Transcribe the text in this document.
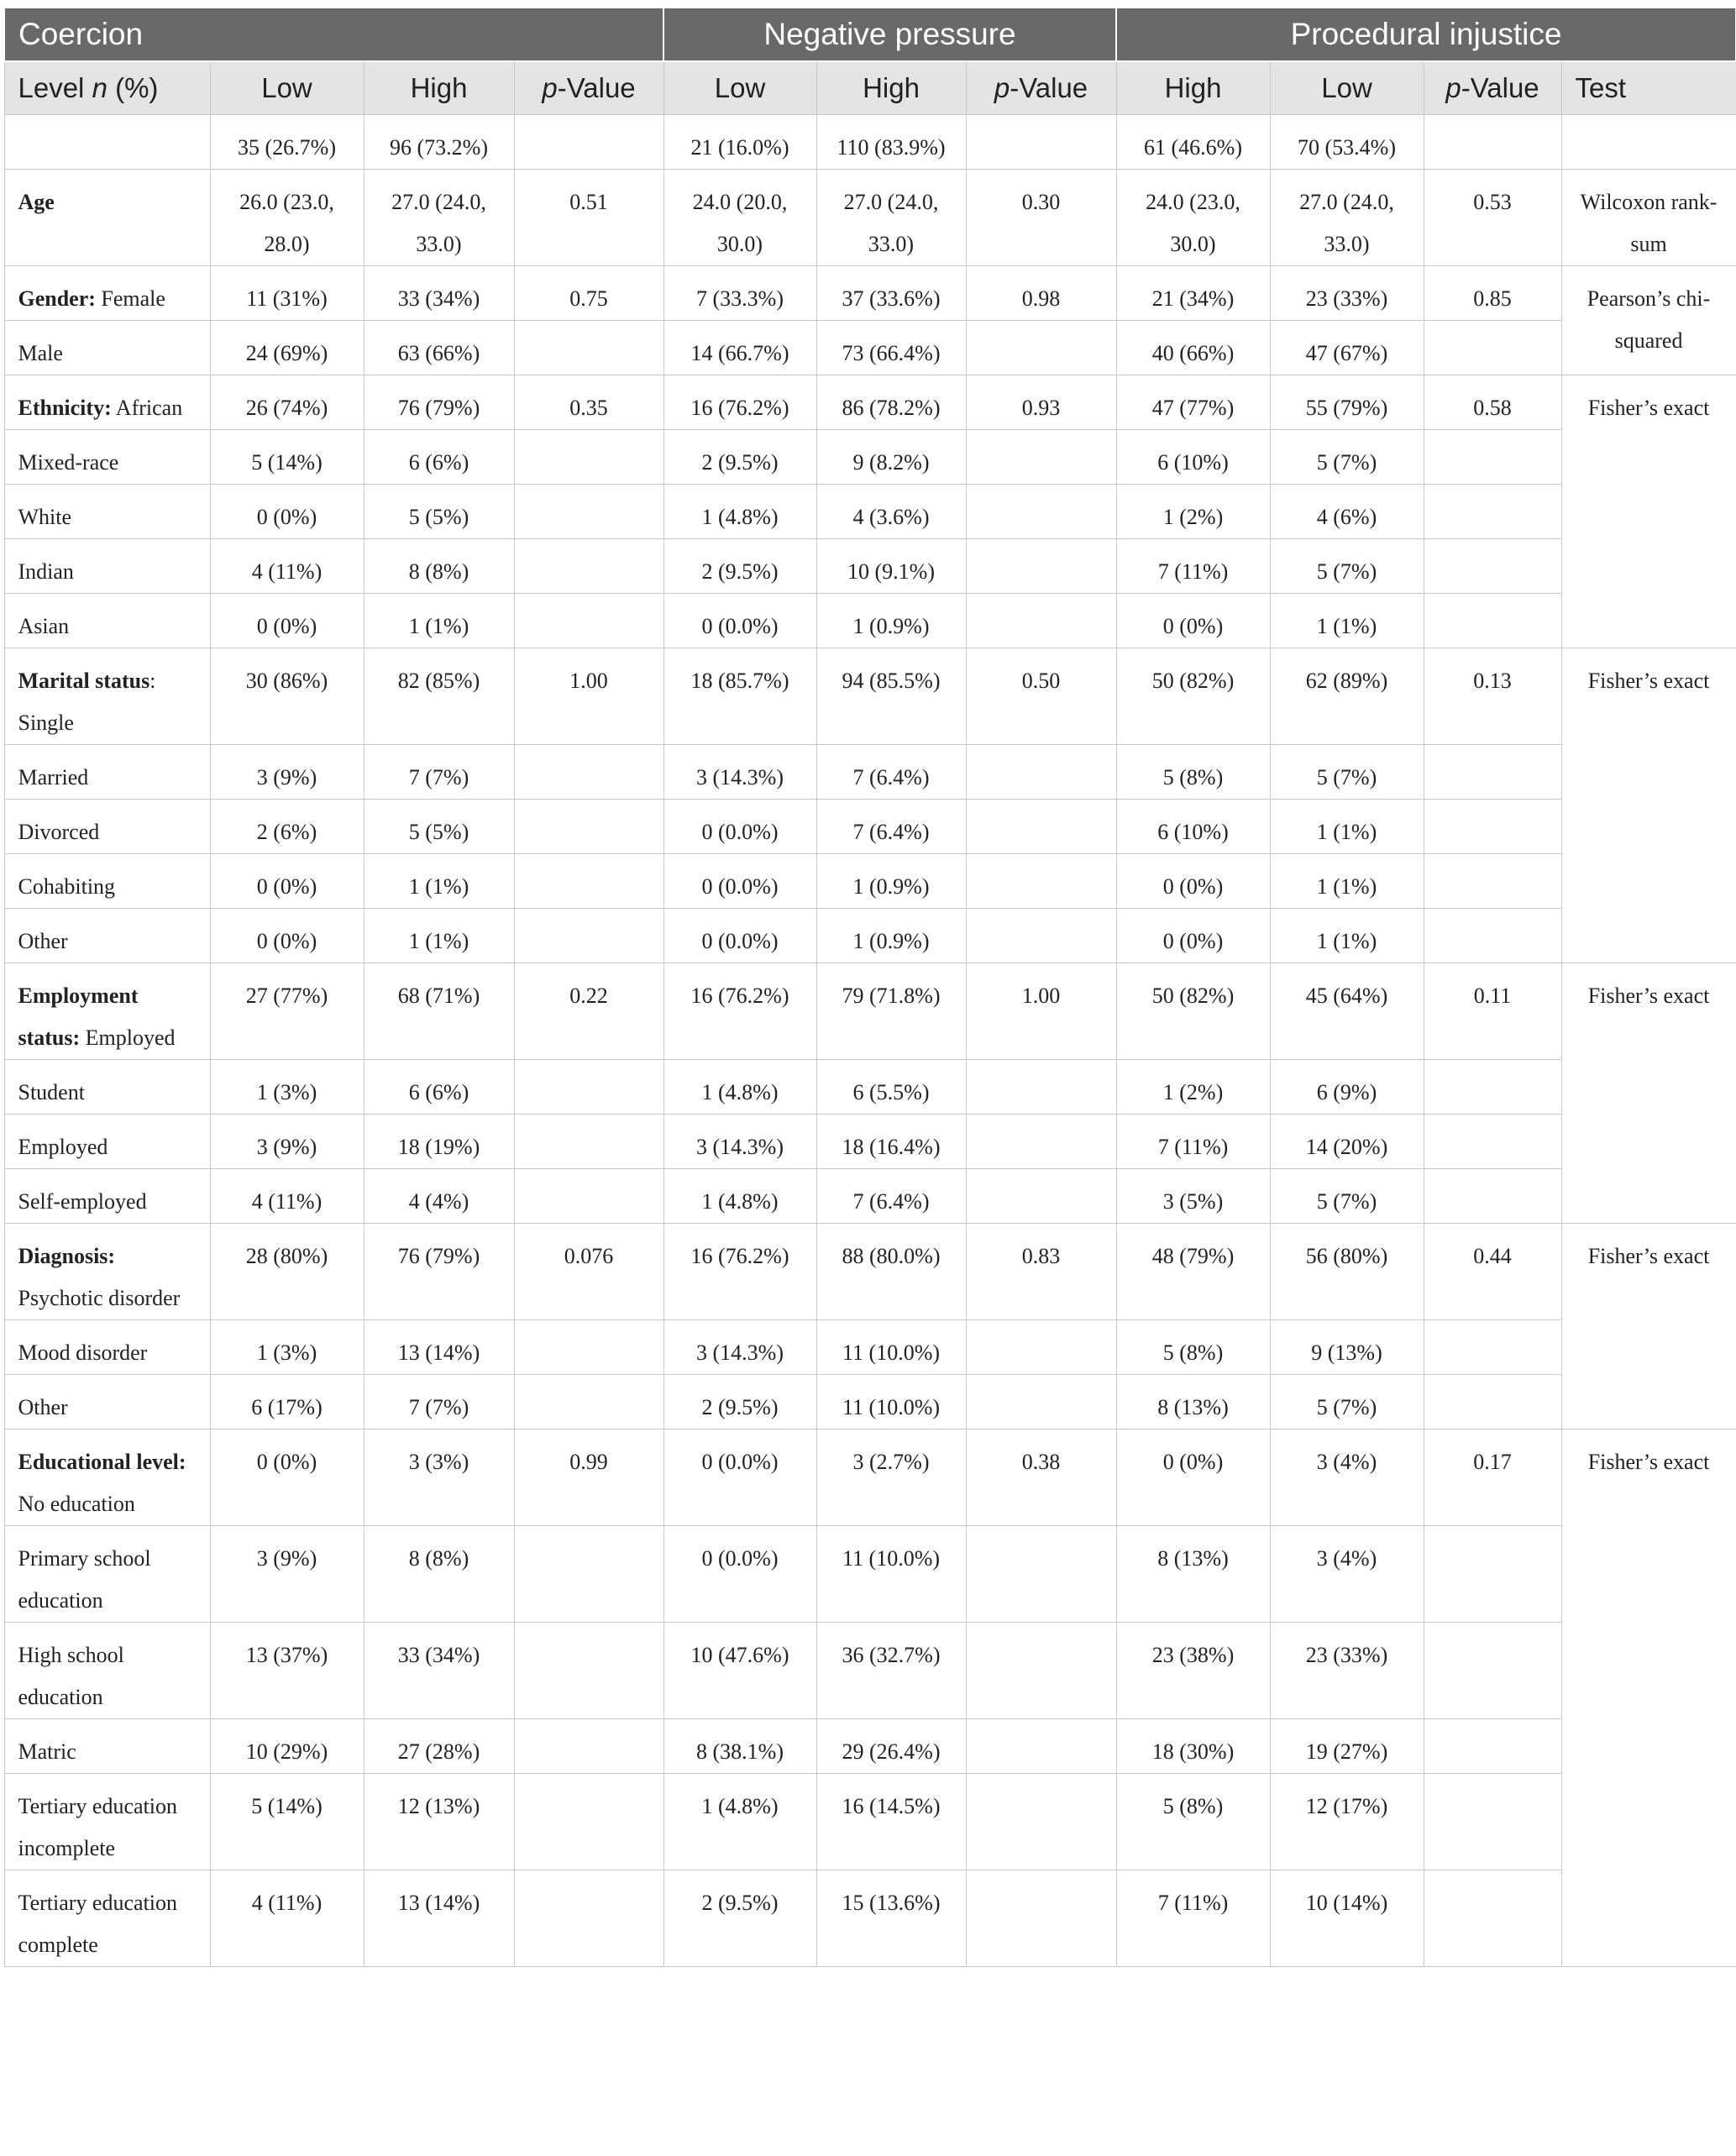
Coercion				Negative pressure			Procedural injustice			
Level n (%)	Low	High	p-Value	Low	High	p-Value	High	Low	p-Value	Test
	35 (26.7%)	96 (73.2%)		21 (16.0%)	110 (83.9%)		61 (46.6%)	70 (53.4%)		
Age	26.0 (23.0, 28.0)	27.0 (24.0, 33.0)	0.51	24.0 (20.0, 30.0)	27.0 (24.0, 33.0)	0.30	24.0 (23.0, 30.0)	27.0 (24.0, 33.0)	0.53	Wilcoxon rank-sum
Gender: Female	11 (31%)	33 (34%)	0.75	7 (33.3%)	37 (33.6%)	0.98	21 (34%)	23 (33%)	0.85	Pearson’s chi-squared
Male	24 (69%)	63 (66%)		14 (66.7%)	73 (66.4%)		40 (66%)	47 (67%)		
Ethnicity: African	26 (74%)	76 (79%)	0.35	16 (76.2%)	86 (78.2%)	0.93	47 (77%)	55 (79%)	0.58	Fisher’s exact
Mixed-race	5 (14%)	6 (6%)		2 (9.5%)	9 (8.2%)		6 (10%)	5 (7%)		
White	0 (0%)	5 (5%)		1 (4.8%)	4 (3.6%)		1 (2%)	4 (6%)		
Indian	4 (11%)	8 (8%)		2 (9.5%)	10 (9.1%)		7 (11%)	5 (7%)		
Asian	0 (0%)	1 (1%)		0 (0.0%)	1 (0.9%)		0 (0%)	1 (1%)		
Marital status: Single	30 (86%)	82 (85%)	1.00	18 (85.7%)	94 (85.5%)	0.50	50 (82%)	62 (89%)	0.13	Fisher’s exact
Married	3 (9%)	7 (7%)		3 (14.3%)	7 (6.4%)		5 (8%)	5 (7%)		
Divorced	2 (6%)	5 (5%)		0 (0.0%)	7 (6.4%)		6 (10%)	1 (1%)		
Cohabiting	0 (0%)	1 (1%)		0 (0.0%)	1 (0.9%)		0 (0%)	1 (1%)		
Other	0 (0%)	1 (1%)		0 (0.0%)	1 (0.9%)		0 (0%)	1 (1%)		
Employment status: Employed	27 (77%)	68 (71%)	0.22	16 (76.2%)	79 (71.8%)	1.00	50 (82%)	45 (64%)	0.11	Fisher’s exact
Student	1 (3%)	6 (6%)		1 (4.8%)	6 (5.5%)		1 (2%)	6 (9%)		
Employed	3 (9%)	18 (19%)		3 (14.3%)	18 (16.4%)		7 (11%)	14 (20%)		
Self-employed	4 (11%)	4 (4%)		1 (4.8%)	7 (6.4%)		3 (5%)	5 (7%)		
Diagnosis: Psychotic disorder	28 (80%)	76 (79%)	0.076	16 (76.2%)	88 (80.0%)	0.83	48 (79%)	56 (80%)	0.44	Fisher’s exact
Mood disorder	1 (3%)	13 (14%)		3 (14.3%)	11 (10.0%)		5 (8%)	9 (13%)		
Other	6 (17%)	7 (7%)		2 (9.5%)	11 (10.0%)		8 (13%)	5 (7%)		
Educational level: No education	0 (0%)	3 (3%)	0.99	0 (0.0%)	3 (2.7%)	0.38	0 (0%)	3 (4%)	0.17	Fisher’s exact
Primary school education	3 (9%)	8 (8%)		0 (0.0%)	11 (10.0%)		8 (13%)	3 (4%)		
High school education	13 (37%)	33 (34%)		10 (47.6%)	36 (32.7%)		23 (38%)	23 (33%)		
Matric	10 (29%)	27 (28%)		8 (38.1%)	29 (26.4%)		18 (30%)	19 (27%)		
Tertiary education incomplete	5 (14%)	12 (13%)		1 (4.8%)	16 (14.5%)		5 (8%)	12 (17%)		
Tertiary education complete	4 (11%)	13 (14%)		2 (9.5%)	15 (13.6%)		7 (11%)	10 (14%)		
